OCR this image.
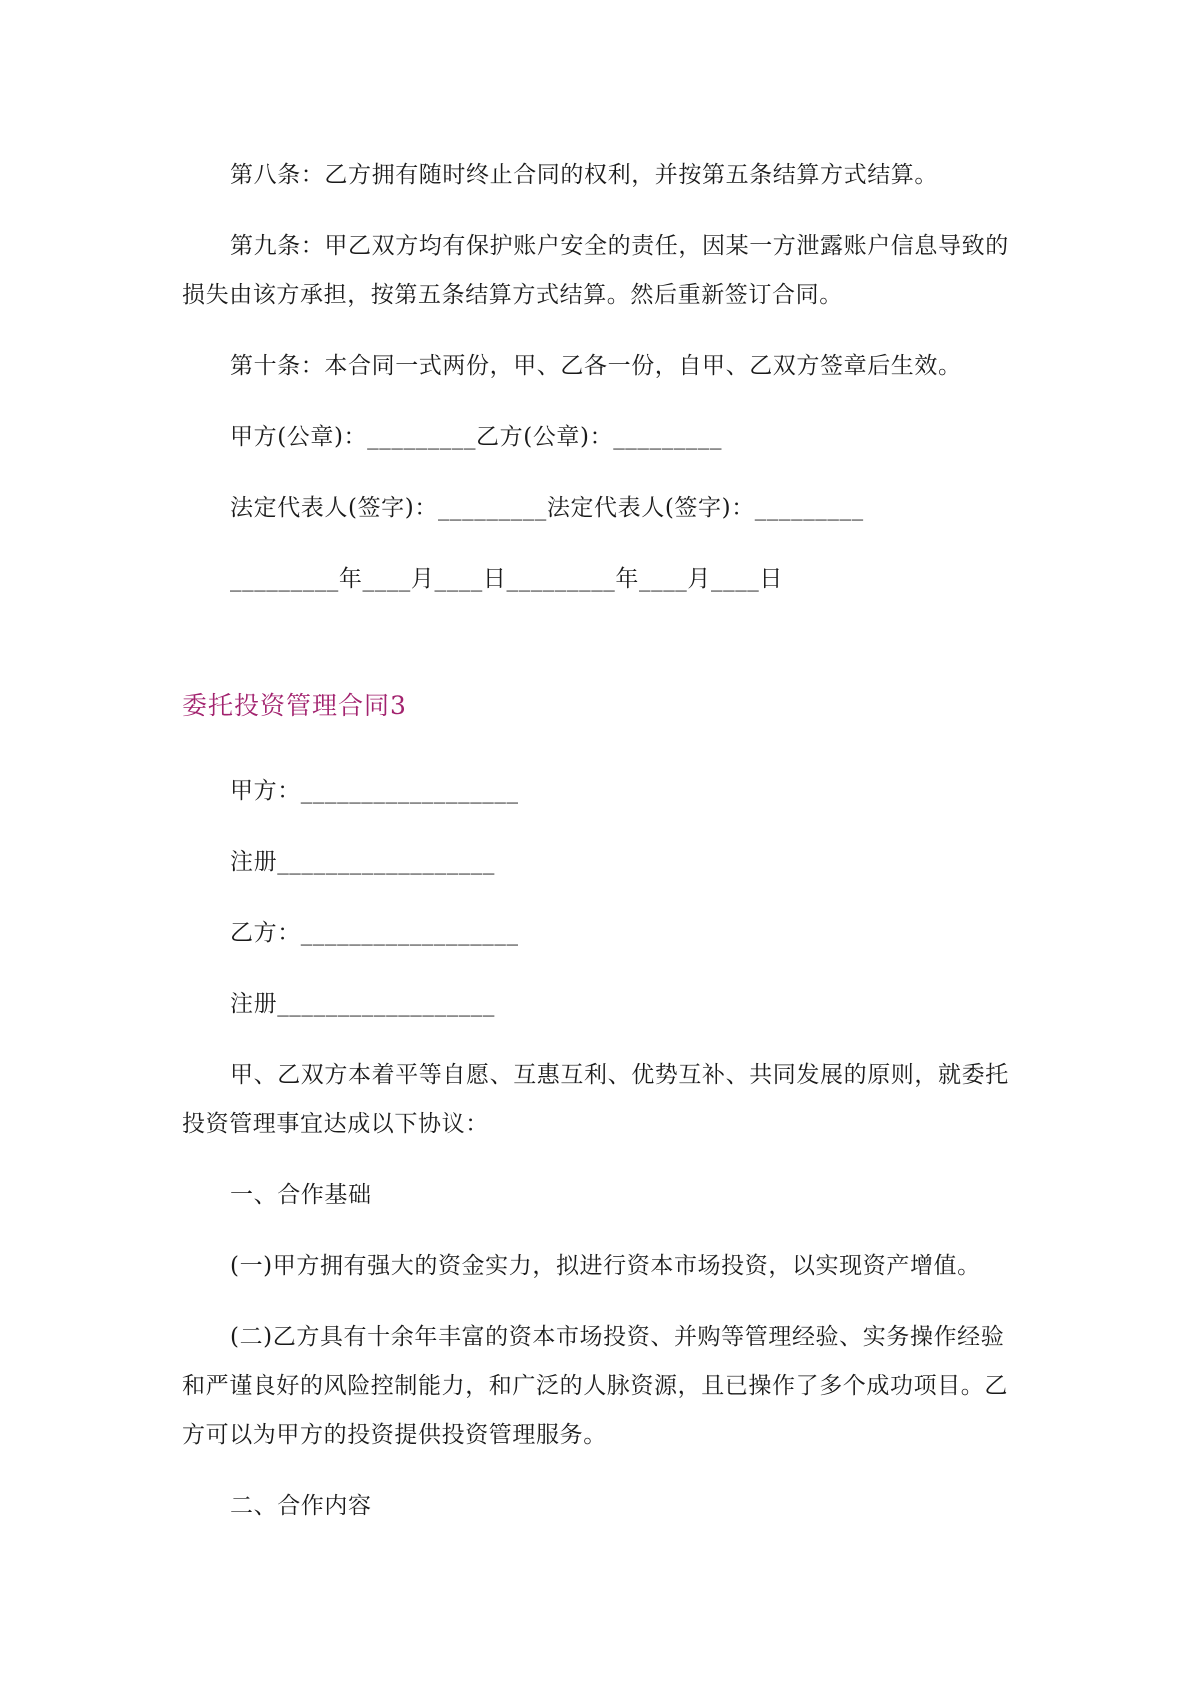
第八条：乙方拥有随时终止合同的权利，并按第五条结算方式结算。
第九条：甲乙双方均有保护账户安全的责任，因某一方泄露账户信息导致的
损失由该方承担，按第五条结算方式结算。然后重新签订合同。
第十条：本合同一式两份，甲、乙各一份，自甲、乙双方签章后生效。
甲方(公章)：_________乙方(公章)：_________
法定代表人(签字)：_________法定代表人(签字)：_________
_________年____月____日_________年____月____日
委托投资管理合同3
甲方：__________________
注册__________________
乙方：__________________
注册__________________
甲、乙双方本着平等自愿、互惠互利、优势互补、共同发展的原则，就委托
投资管理事宜达成以下协议：
一、合作基础
(一)甲方拥有强大的资金实力，拟进行资本市场投资，以实现资产增值。
(二)乙方具有十余年丰富的资本市场投资、并购等管理经验、实务操作经验
和严谨良好的风险控制能力，和广泛的人脉资源，且已操作了多个成功项目。乙
方可以为甲方的投资提供投资管理服务。
二、合作内容
